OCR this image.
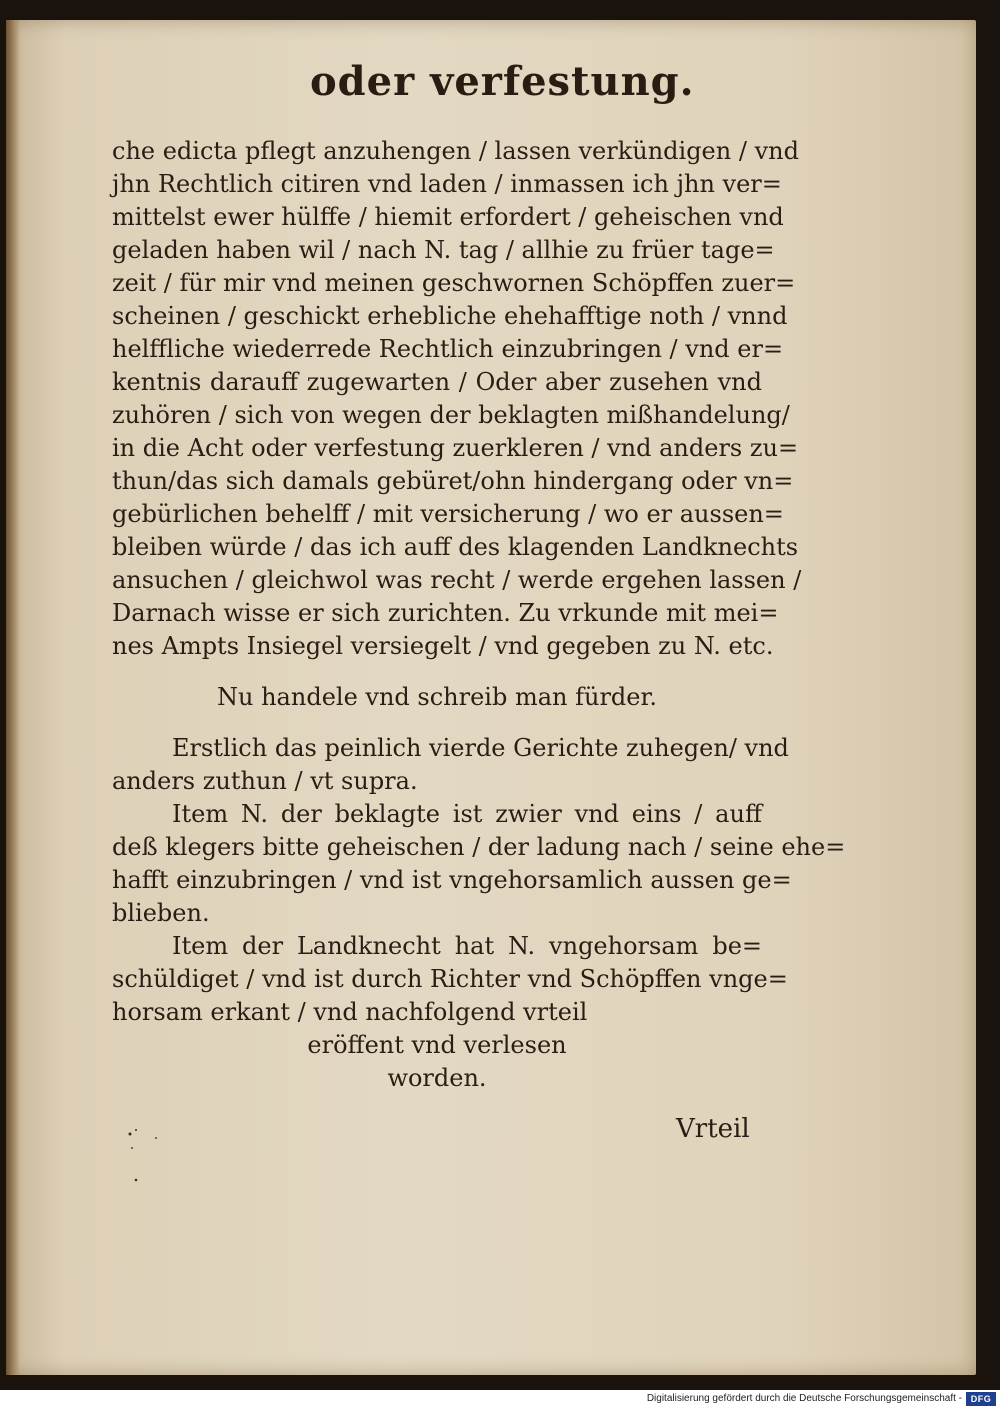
oder verfestung.
che edicta pflegt anzuhengen / lassen verkündigen / vnd
jhn Rechtlich citiren vnd laden / inmassen ich jhn ver=
mittelst ewer hülffe / hiemit erfordert / geheischen vnd
geladen haben wil / nach N. tag / allhie zu früer tage=
zeit / für mir vnd meinen geschwornen Schöpffen zuer=
scheinen / geschickt erhebliche ehehafftige noth / vnnd
helffliche wiederrede Rechtlich einzubringen / vnd er=
kentnis darauff zugewarten / Oder aber zusehen vnd
zuhören / sich von wegen der beklagten mißhandelung/
in die Acht oder verfestung zuerkleren / vnd anders zu=
thun/das sich damals gebüret/ohn hindergang oder vn=
gebürlichen behelff / mit versicherung / wo er aussen=
bleiben würde / das ich auff des klagenden Landknechts
ansuchen / gleichwol was recht / werde ergehen lassen /
Darnach wisse er sich zurichten. Zu vrkunde mit mei=
nes Ampts Insiegel versiegelt / vnd gegeben zu N. etc.
Nu handele vnd schreib man fürder.
Erstlich das peinlich vierde Gerichte zuhegen/ vnd
anders zuthun / vt supra.
Item N. der beklagte ist zwier vnd eins / auff
deß klegers bitte geheischen / der ladung nach / seine ehe=
hafft einzubringen / vnd ist vngehorsamlich aussen ge=
blieben.
Item der Landknecht hat N. vngehorsam be=
schüldiget / vnd ist durch Richter vnd Schöpffen vnge=
horsam erkant / vnd nachfolgend vrteil
eröffent vnd verlesen
worden.
Vrteil
Digitalisierung gefördert durch die Deutsche Forschungsgemeinschaft - DFG
